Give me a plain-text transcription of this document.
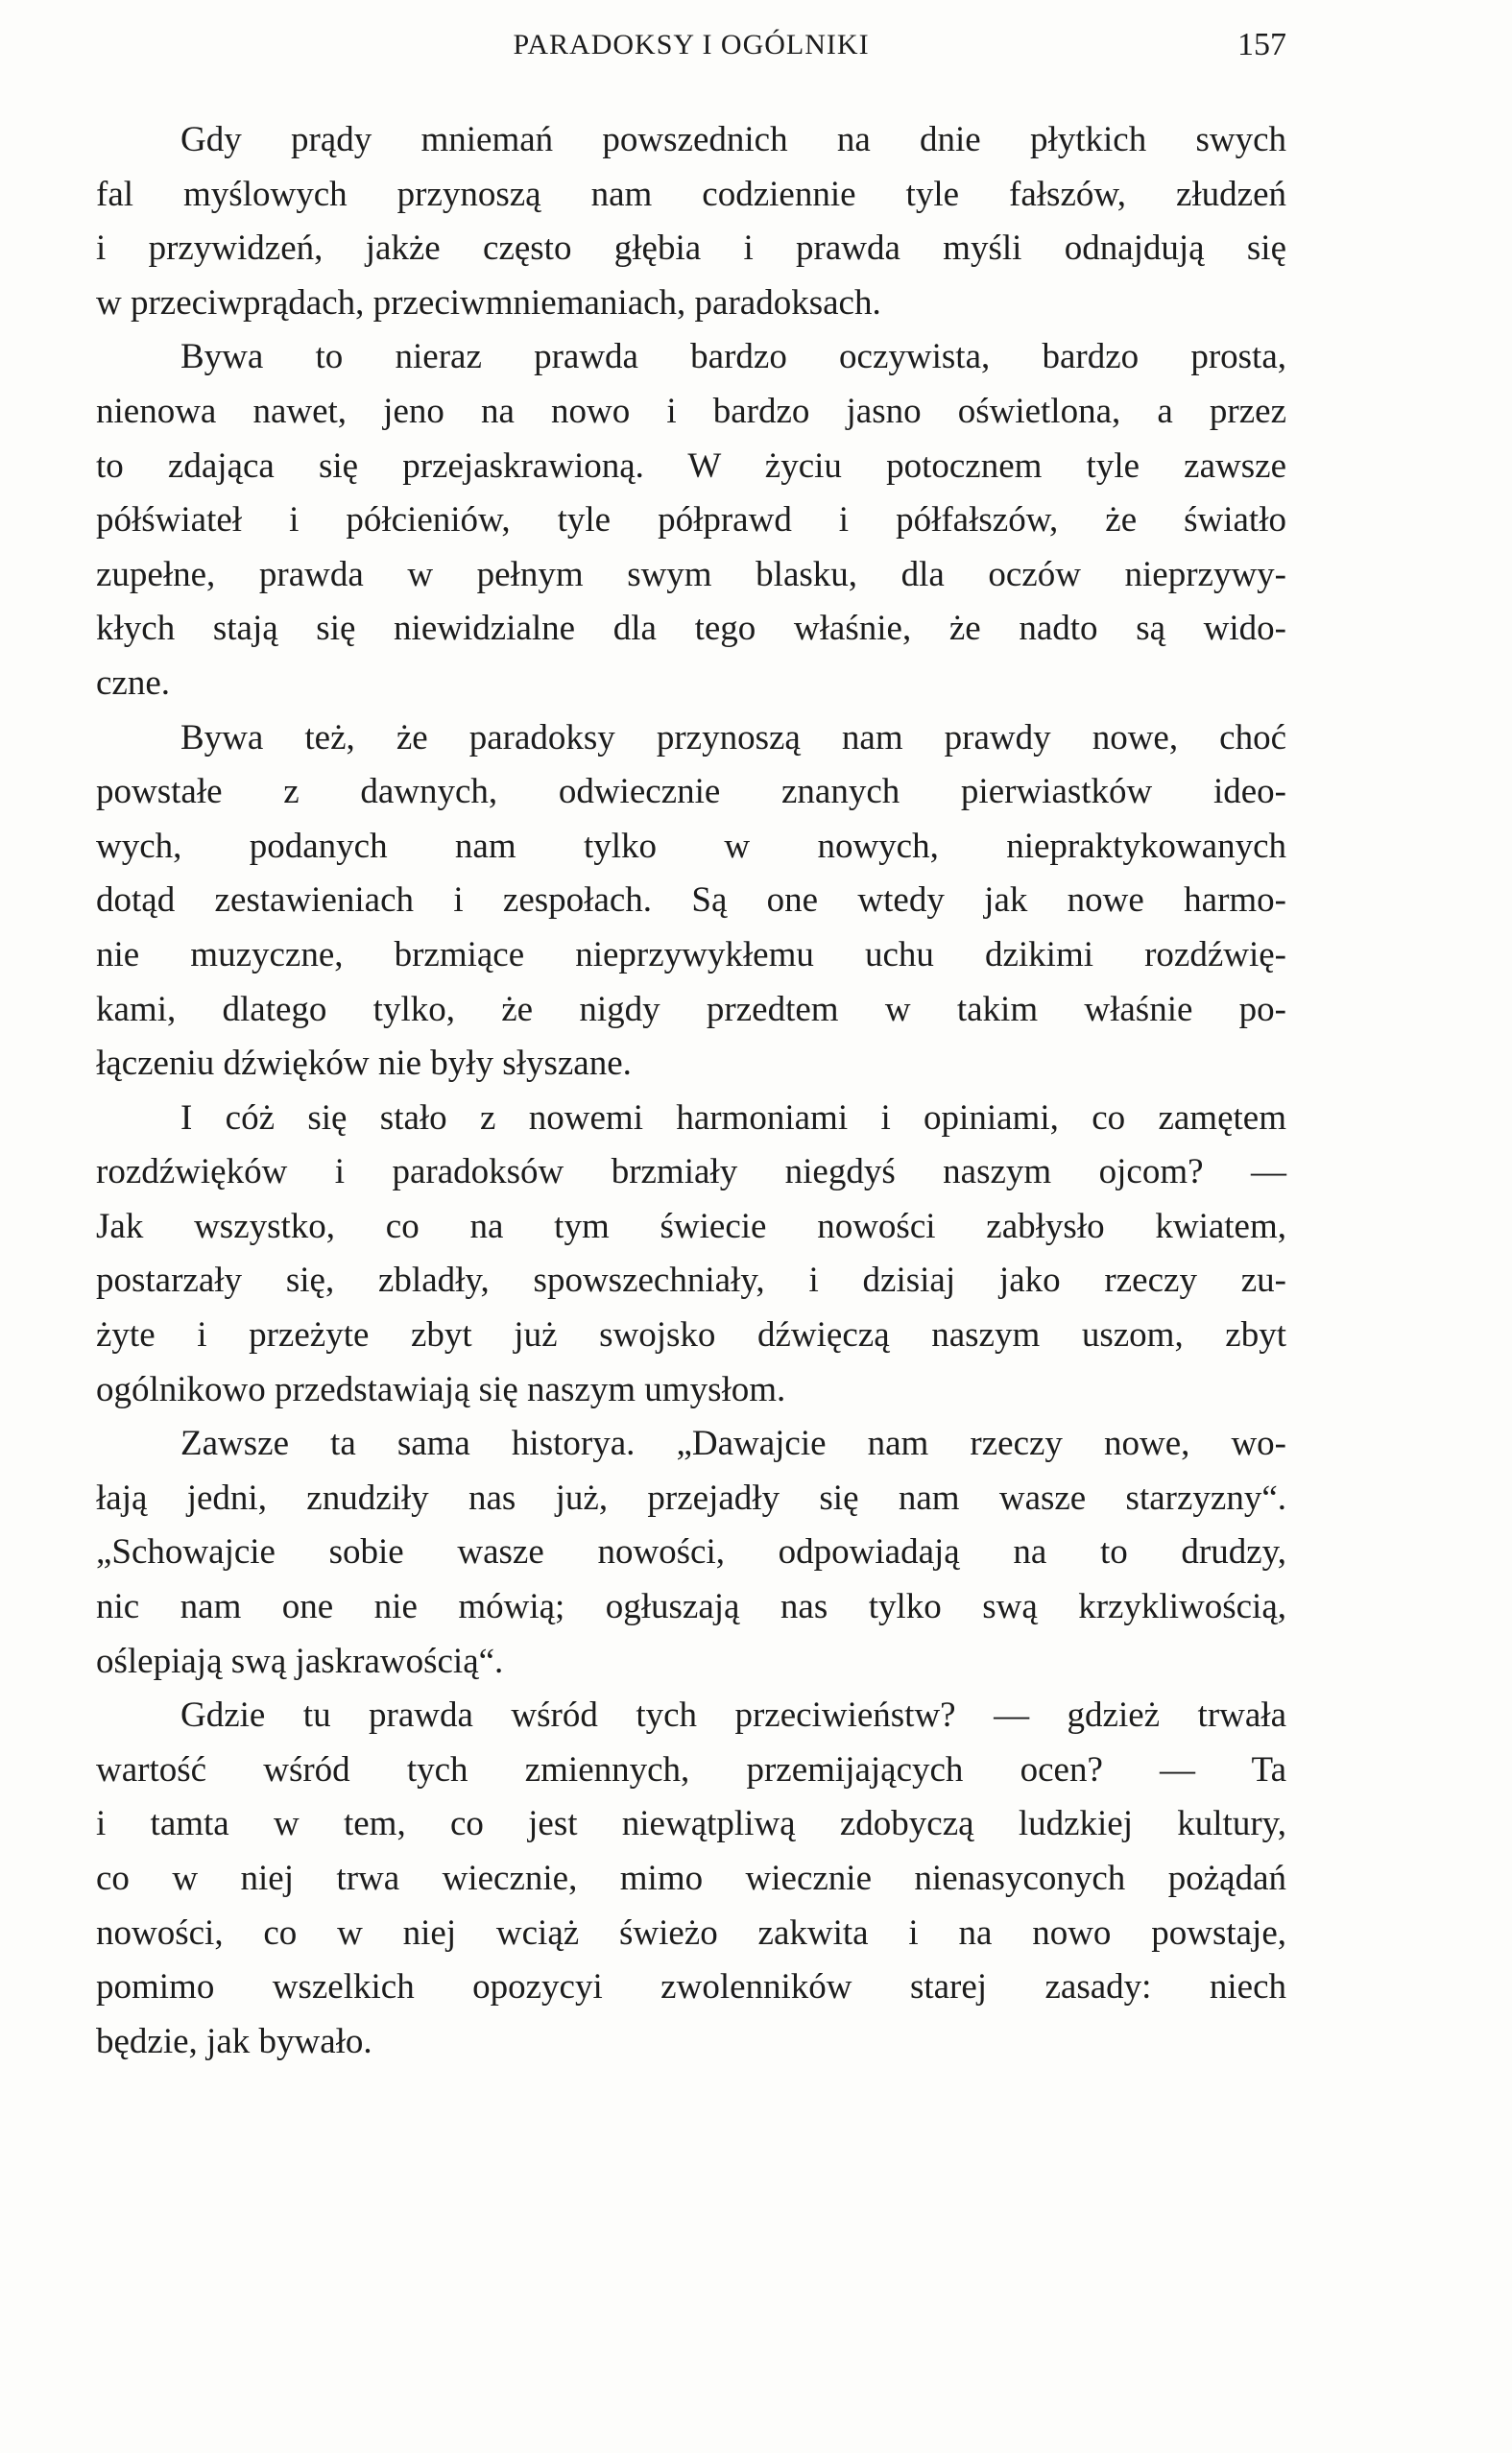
PARADOKSY I OGÓLNIKI	157

Gdy prądy mniemań powszednich na dnie płytkich swych
fal myślowych przynoszą nam codziennie tyle fałszów, złudzeń
i przywidzeń, jakże często głębia i prawda myśli odnajdują się
w przeciwprądach, przeciwmniemaniach, paradoksach.

Bywa to nieraz prawda bardzo oczywista, bardzo prosta,
nienowa nawet, jeno na nowo i bardzo jasno oświetlona, a przez
to zdająca się przejaskrawioną. W życiu potocznem tyle zawsze
półświateł i półcieniów, tyle półprawd i półfałszów, że światło
zupełne, prawda w pełnym swym blasku, dla oczów nieprzywy-
kłych stają się niewidzialne dla tego właśnie, że nadto są wido-
czne.

Bywa też, że paradoksy przynoszą nam prawdy nowe, choć
powstałe z dawnych, odwiecznie znanych pierwiastków ideo-
wych, podanych nam tylko w nowych, niepraktykowanych
dotąd zestawieniach i zespołach. Są one wtedy jak nowe harmo-
nie muzyczne, brzmiące nieprzywykłemu uchu dzikimi rozdźwię-
kami, dlatego tylko, że nigdy przedtem w takim właśnie po-
łączeniu dźwięków nie były słyszane.

I cóż się stało z nowemi harmoniami i opiniami, co zamętem
rozdźwięków i paradoksów brzmiały niegdyś naszym ojcom? —
Jak wszystko, co na tym świecie nowości zabłysło kwiatem,
postarzały się, zbladły, spowszechniały, i dzisiaj jako rzeczy zu-
żyte i przeżyte zbyt już swojsko dźwięczą naszym uszom, zbyt
ogólnikowo przedstawiają się naszym umysłom.

Zawsze ta sama historya. „Dawajcie nam rzeczy nowe, wo-
łają jedni, znudziły nas już, przejadły się nam wasze starzyzny“.
„Schowajcie sobie wasze nowości, odpowiadają na to drudzy,
nic nam one nie mówią; ogłuszają nas tylko swą krzykliwością,
oślepiają swą jaskrawością“.

Gdzie tu prawda wśród tych przeciwieństw? — gdzież trwała
wartość wśród tych zmiennych, przemijających ocen? — Ta
i tamta w tem, co jest niewątpliwą zdobyczą ludzkiej kultury,
co w niej trwa wiecznie, mimo wiecznie nienasyconych pożądań
nowości, co w niej wciąż świeżo zakwita i na nowo powstaje,
pomimo wszelkich opozycyi zwolenników starej zasady: niech
będzie, jak bywało.
